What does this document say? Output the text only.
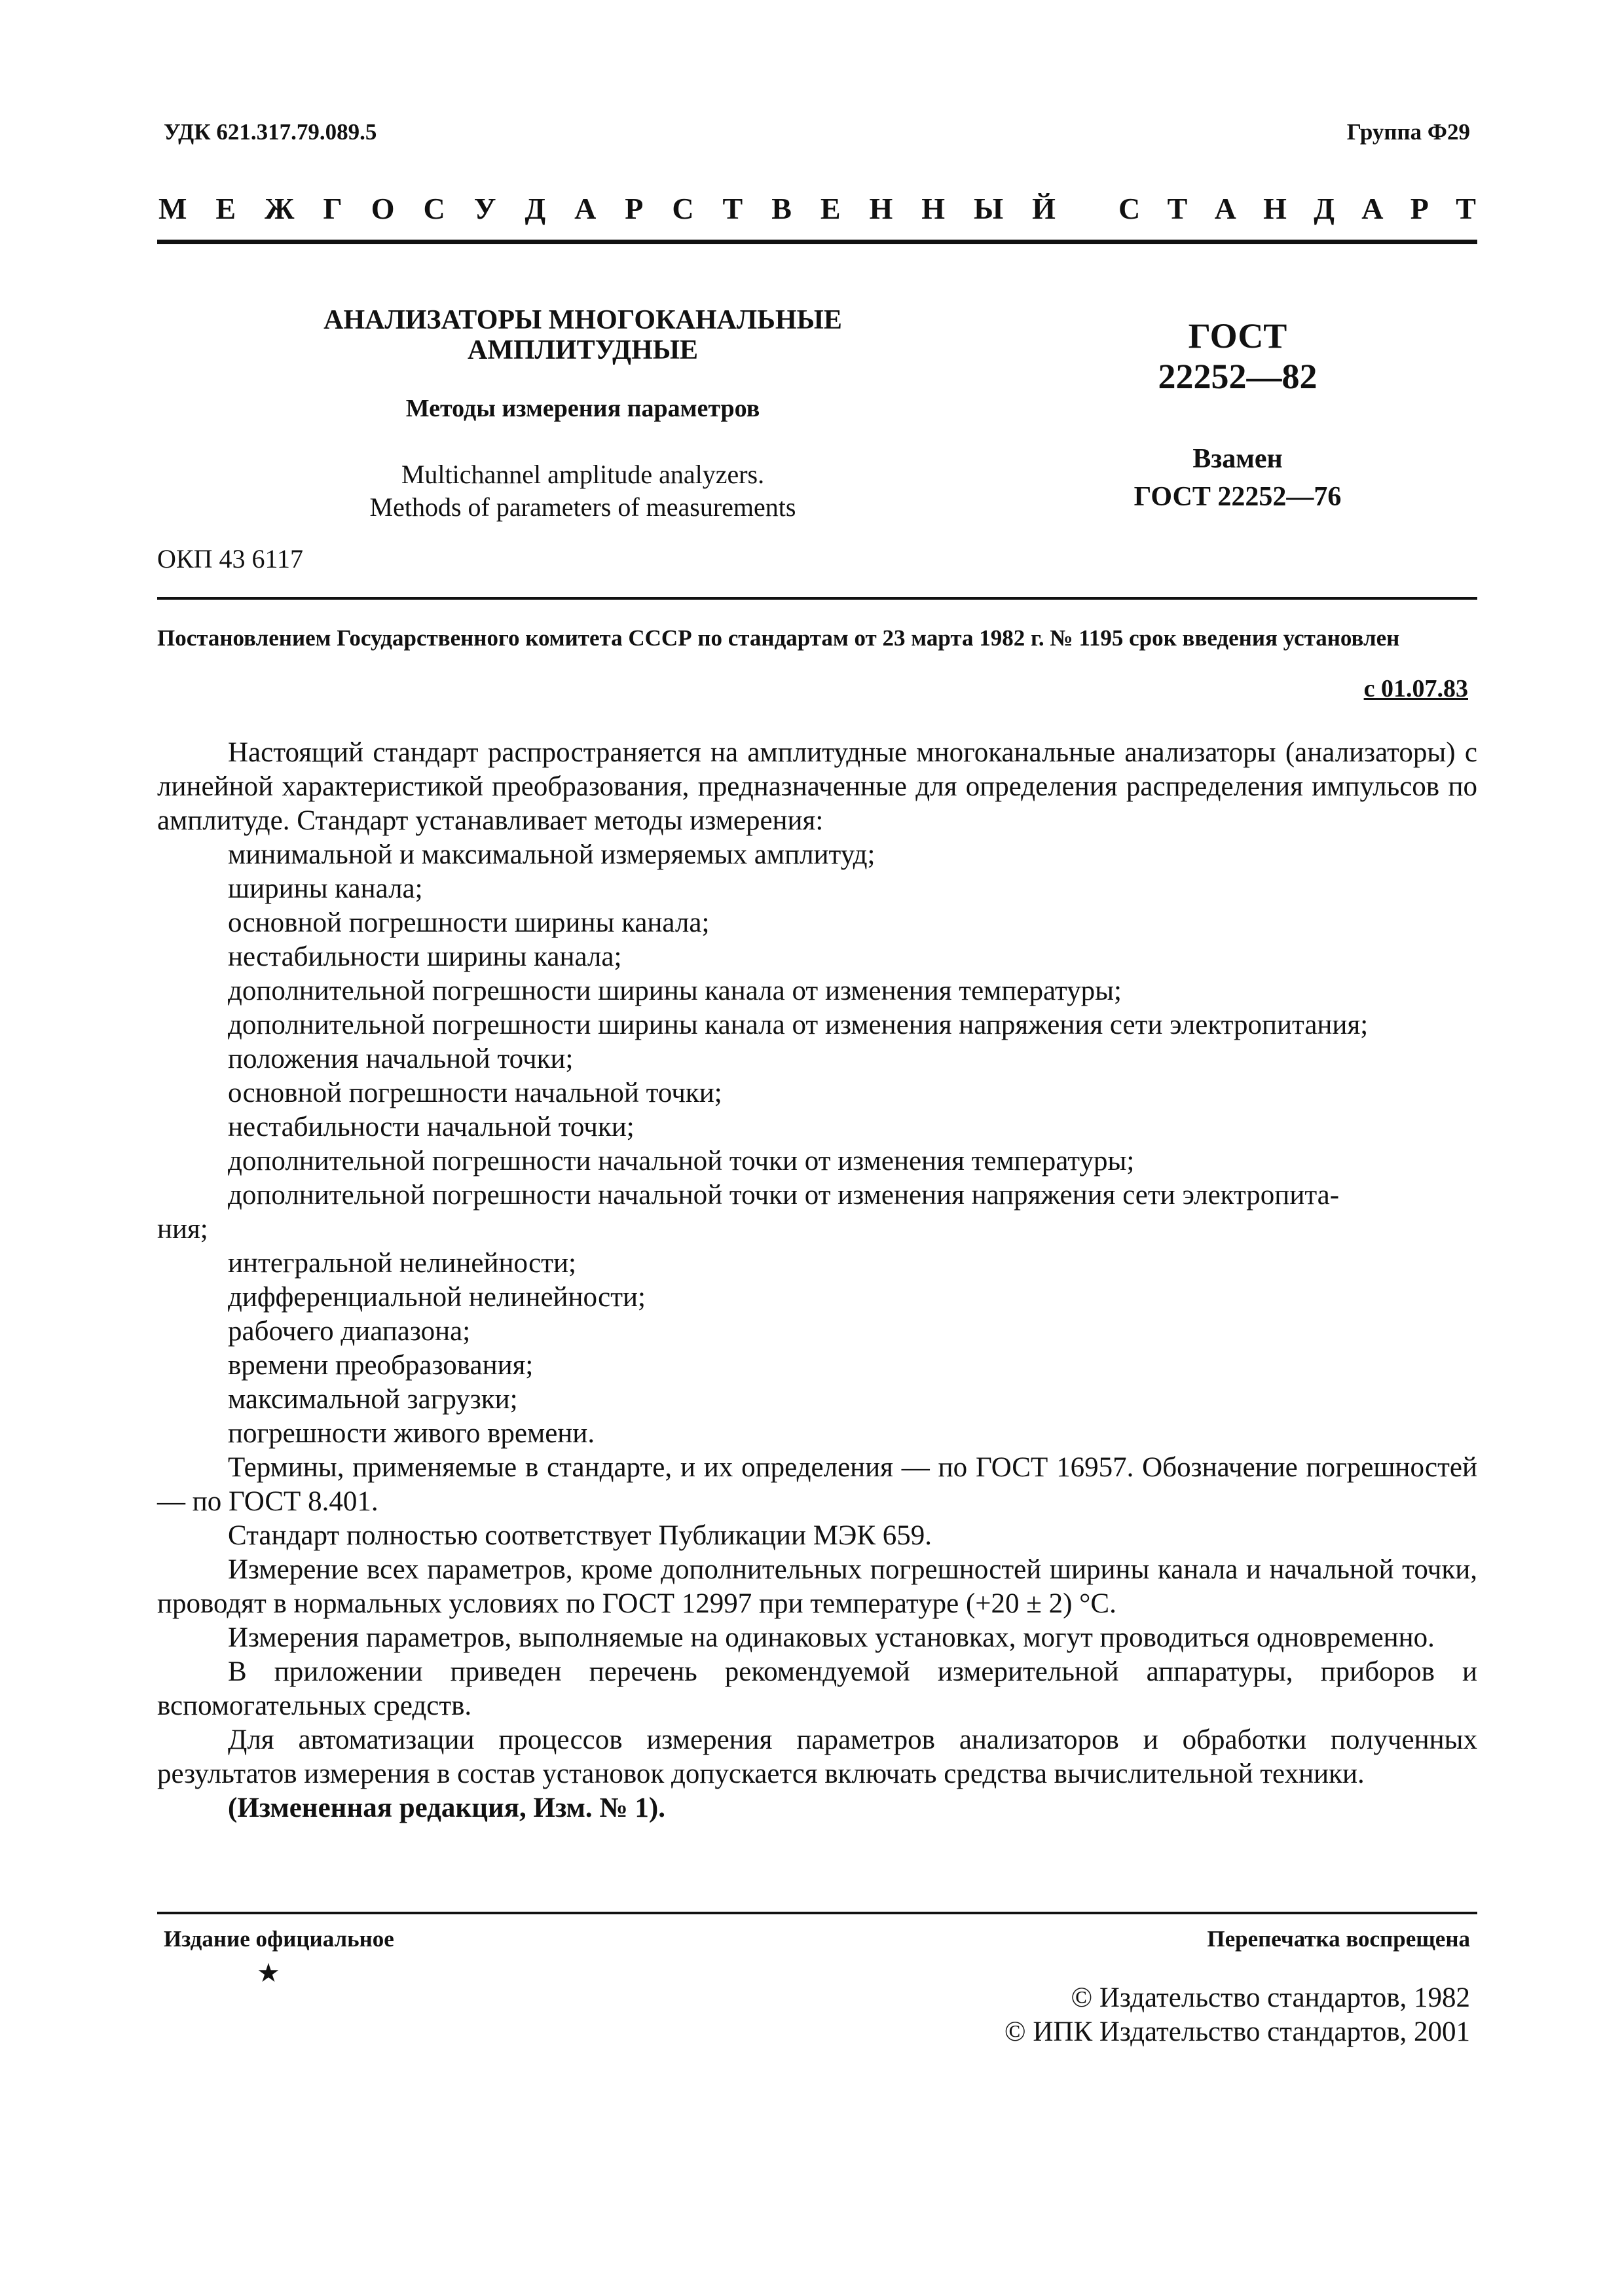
УДК 621.317.79.089.5	Группа Ф29
М Е Ж Г О С У Д А Р С Т В Е Н Н Ы Й С Т А Н Д А Р Т
АНАЛИЗАТОРЫ МНОГОКАНАЛЬНЫЕ
АМПЛИТУДНЫЕ
Методы измерения параметров
Multichannel amplitude analyzers.
Methods of parameters of measurements
ОКП 43 6117
ГОСТ
22252—82
Взамен
ГОСТ 22252—76
Постановлением Государственного комитета СССР по стандартам от 23 марта 1982 г. № 1195 срок введения установлен
с 01.07.83

Настоящий стандарт распространяется на амплитудные многоканальные анализаторы (анализаторы) с линейной характеристикой преобразования, предназначенные для определения распределения импульсов по амплитуде. Стандарт устанавливает методы измерения:

минимальной и максимальной измеряемых амплитуд;
ширины канала;
основной погрешности ширины канала;
нестабильности ширины канала;
дополнительной погрешности ширины канала от изменения температуры;
дополнительной погрешности ширины канала от изменения напряжения сети электропитания;
положения начальной точки;
основной погрешности начальной точки;
нестабильности начальной точки;
дополнительной погрешности начальной точки от изменения температуры;
дополнительной погрешности начальной точки от изменения напряжения сети электропита-
ния;
интегральной нелинейности;
дифференциальной нелинейности;
рабочего диапазона;
времени преобразования;
максимальной загрузки;
погрешности живого времени.

Термины, применяемые в стандарте, и их определения — по ГОСТ 16957. Обозначение погрешностей — по ГОСТ 8.401.

Стандарт полностью соответствует Публикации МЭК 659.

Измерение всех параметров, кроме дополнительных погрешностей ширины канала и начальной точки, проводят в нормальных условиях по ГОСТ 12997 при температуре (+20 ± 2) °С.

Измерения параметров, выполняемые на одинаковых установках, могут проводиться одновременно.

В приложении приведен перечень рекомендуемой измерительной аппаратуры, приборов и вспомогательных средств.

Для автоматизации процессов измерения параметров анализаторов и обработки полученных результатов измерения в состав установок допускается включать средства вычислительной техники.

(Измененная редакция, Изм. № 1).

Издание официальное	Перепечатка воспрещена
★
© Издательство стандартов, 1982
© ИПК Издательство стандартов, 2001
